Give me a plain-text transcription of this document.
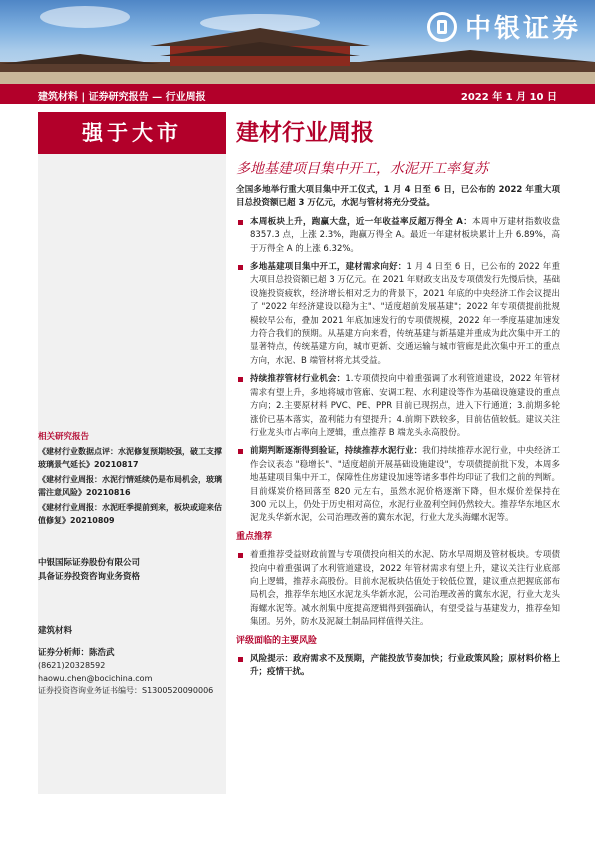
中银证券
建筑材料 | 证券研究报告 — 行业周报	2022 年 1 月 10 日
强于大市	建材行业周报
多地基建项目集中开工，水泥开工率复苏

全国多地举行重大项目集中开工仪式，1 月 4 日至 6 日，已公布的 2022 年重大项目总投资额已超 3 万亿元，水泥与管材将充分受益。

本周板块上升，跑赢大盘，近一年收益率反超万得全 A：本周申万建材指数收盘 8357.3 点，上涨 2.3%，跑赢万得全 A。最近一年建材板块累计上升 6.89%，高于万得全 A 的上涨 6.32%。
多地基建项目集中开工，建材需求向好：1 月 4 日至 6 日，已公布的 2022 年重大项目总投资额已超 3 万亿元。在 2021 年财政支出及专项债发行先慢后快，基础设施投资疲软，经济增长相对乏力的背景下，2021 年底的中央经济工作会议提出了 "2022 年经济建设以稳为主"、"适度超前发展基建"；2022 年专项债提前批规模较早公布，叠加 2021 年底加速发行的专项债规模，2022 年一季度基建加速发力符合我们的预期。从基建方向来看，传统基建与新基建并重成为此次集中开工的显著特点，传统基建方向，城市更新、交通运输与城市管廊是此次集中开工的重点方向，水泥、B 端管材将尤其受益。
持续推荐管材行业机会：1.专项债投向中着重强调了水利管道建设，2022 年管材需求有望上升，多地将城市管廊、安调工程、水利建设等作为基础设施建设的重点方向；2.主要原材料 PVC、PE、PPR 目前已现拐点，进入下行通道；3.前期多轮涨价已基本落实，盈利能力有望提升；4.前期下跌较多，目前估值较低。建议关注行业龙头市占率向上逻辑，重点推荐 B 端龙头永高股份。
前期判断逐渐得到验证，持续推荐水泥行业：我们持续推荐水泥行业，中央经济工作会议表态 "稳增长"、"适度超前开展基础设施建设"，专项债提前批下发，本周多地基建项目集中开工，保障性住房建设加速等诸多事件均印证了我们之前的判断。目前煤炭价格回落至 820 元左右，虽然水泥价格逐渐下降，但水煤价差保持在 300 元以上，仍处于历史相对高位，水泥行业盈利空间仍然较大。推荐华东地区水泥龙头华新水泥，公司治理改善的冀东水泥，行业大龙头海螺水泥等。
重点推荐
着重推荐受益财政前置与专项债投向相关的水泥、防水早周期及管材板块。专项债投向中着重强调了水利管道建设，2022 年管材需求有望上升，建议关注行业底部向上逻辑，推荐永高股份。目前水泥板块估值处于较低位置，建议重点把握底部布局机会，推荐华东地区水泥龙头华新水泥，公司治理改善的冀东水泥，行业大龙头海螺水泥等。减水剂集中度提高逻辑得到强确认，有望受益与基建发力，推荐垒知集团。另外，防水及泥凝土制品同样值得关注。
评级面临的主要风险
风险提示：政府需求不及预期，产能投放节奏加快；行业政策风险；原材料价格上升；疫情干扰。
相关研究报告

《建材行业数据点评：水泥修复预期较强，破工支撑玻璃景气延长》20210817

《建材行业周报：水泥行情延续仍是布局机会，玻璃需注意风险》20210816

《建材行业周报：水泥旺季提前到来，板块或迎来估值修复》20210809

中银国际证券股份有限公司
具备证券投资咨询业务资格
建筑材料
证券分析师：陈浩武
(8621)20328592
haowu.chen@bocichina.com
证券投资咨询业务证书编号：S1300520090006
